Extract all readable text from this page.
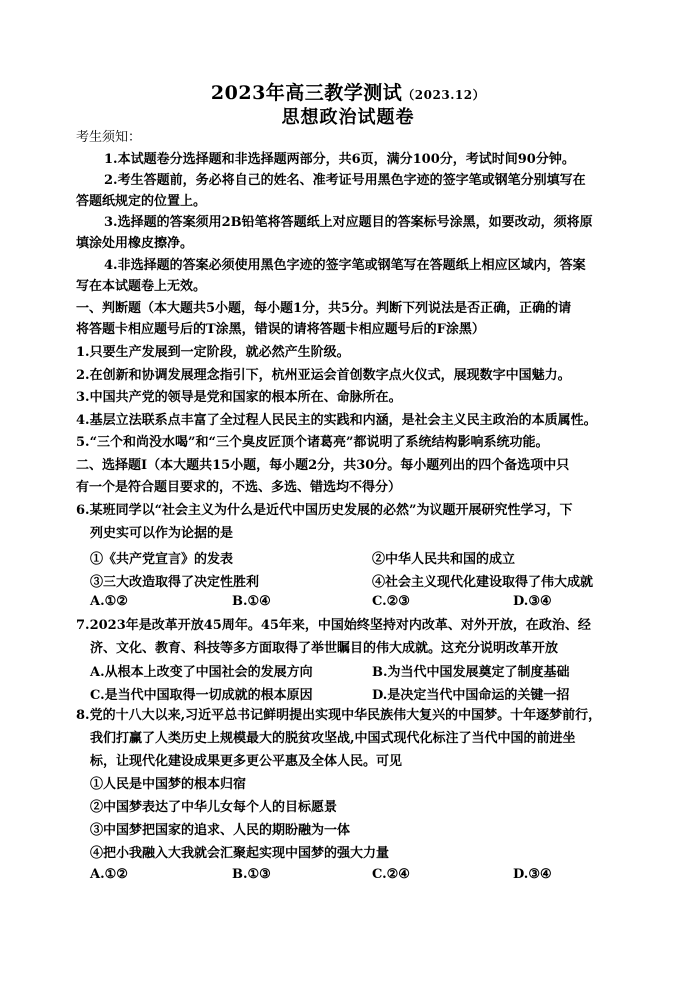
2023年高三教学测试（2023.12）
思想政治试题卷
考生须知：
1.本试题卷分选择题和非选择题两部分，共6页，满分100分，考试时间90分钟。
2.考生答题前，务必将自己的姓名、准考证号用黑色字迹的签字笔或钢笔分别填写在
答题纸规定的位置上。
3.选择题的答案须用2B铅笔将答题纸上对应题目的答案标号涂黑，如要改动，须将原
填涂处用橡皮擦净。
4.非选择题的答案必须使用黑色字迹的签字笔或钢笔写在答题纸上相应区域内，答案
写在本试题卷上无效。
一、判断题（本大题共5小题，每小题1分，共5分。判断下列说法是否正确，正确的请
将答题卡相应题号后的T涂黑，错误的请将答题卡相应题号后的F涂黑）
1.只要生产发展到一定阶段，就必然产生阶级。
2.在创新和协调发展理念指引下，杭州亚运会首创数字点火仪式，展现数字中国魅力。
3.中国共产党的领导是党和国家的根本所在、命脉所在。
4.基层立法联系点丰富了全过程人民民主的实践和内涵，是社会主义民主政治的本质属性。
5.“三个和尚没水喝”和“三个臭皮匠顶个诸葛亮”都说明了系统结构影响系统功能。
二、选择题Ⅰ（本大题共15小题，每小题2分，共30分。每小题列出的四个备选项中只
有一个是符合题目要求的，不选、多选、错选均不得分）
6.某班同学以“社会主义为什么是近代中国历史发展的必然”为议题开展研究性学习，下
列史实可以作为论据的是
①《共产党宣言》的发表	②中华人民共和国的成立
③三大改造取得了决定性胜利	④社会主义现代化建设取得了伟大成就
A.①②	B.①④	C.②③	D.③④
7.2023年是改革开放45周年。45年来，中国始终坚持对内改革、对外开放，在政治、经
济、文化、教育、科技等多方面取得了举世瞩目的伟大成就。这充分说明改革开放
A.从根本上改变了中国社会的发展方向	B.为当代中国发展奠定了制度基础
C.是当代中国取得一切成就的根本原因	D.是决定当代中国命运的关键一招
8.党的十八大以来,习近平总书记鲜明提出实现中华民族伟大复兴的中国梦。十年逐梦前行，
我们打赢了人类历史上规模最大的脱贫攻坚战,中国式现代化标注了当代中国的前进坐
标，让现代化建设成果更多更公平惠及全体人民。可见
①人民是中国梦的根本归宿
②中国梦表达了中华儿女每个人的目标愿景
③中国梦把国家的追求、人民的期盼融为一体
④把小我融入大我就会汇聚起实现中国梦的强大力量
A.①②	B.①③	C.②④	D.③④
